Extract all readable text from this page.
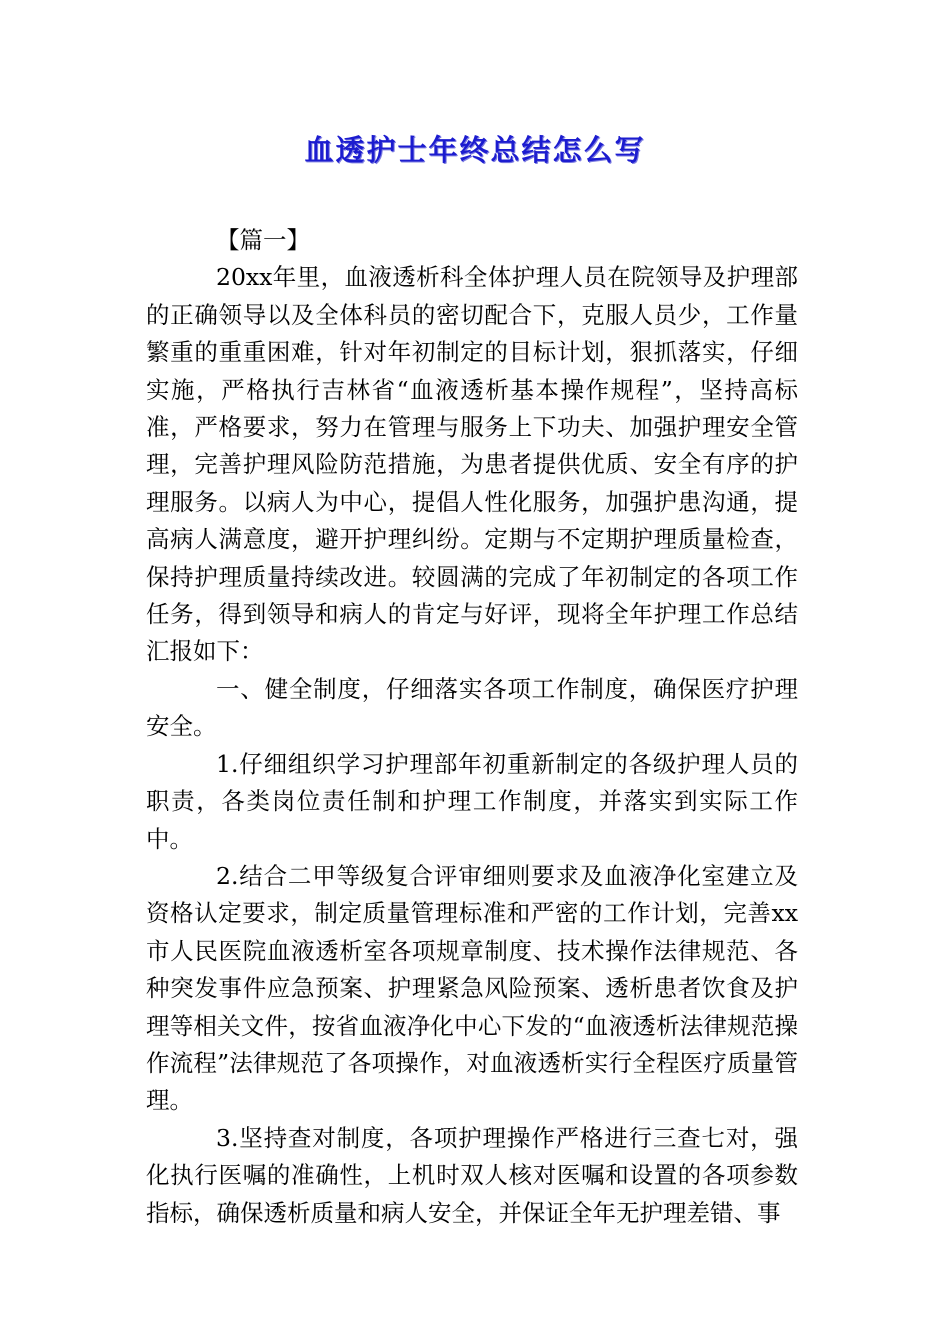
血透护士年终总结怎么写

【篇一】

20xx年里，血液透析科全体护理人员在院领导及护理部的正确领导以及全体科员的密切配合下，克服人员少，工作量繁重的重重困难，针对年初制定的目标计划，狠抓落实，仔细实施，严格执行吉林省“血液透析基本操作规程”，坚持高标准，严格要求，努力在管理与服务上下功夫、加强护理安全管理，完善护理风险防范措施，为患者提供优质、安全有序的护理服务。以病人为中心，提倡人性化服务，加强护患沟通，提高病人满意度，避开护理纠纷。定期与不定期护理质量检查，保持护理质量持续改进。较圆满的完成了年初制定的各项工作任务，得到领导和病人的肯定与好评，现将全年护理工作总结汇报如下：

一、健全制度，仔细落实各项工作制度，确保医疗护理安全。

1.仔细组织学习护理部年初重新制定的各级护理人员的职责，各类岗位责任制和护理工作制度，并落实到实际工作中。

2.结合二甲等级复合评审细则要求及血液净化室建立及资格认定要求，制定质量管理标准和严密的工作计划，完善xx市人民医院血液透析室各项规章制度、技术操作法律规范、各种突发事件应急预案、护理紧急风险预案、透析患者饮食及护理等相关文件，按省血液净化中心下发的“血液透析法律规范操作流程”法律规范了各项操作，对血液透析实行全程医疗质量管理。

3.坚持查对制度，各项护理操作严格进行三查七对，强化执行医嘱的准确性，上机时双人核对医嘱和设置的各项参数指标，确保透析质量和病人安全，并保证全年无护理差错、事
